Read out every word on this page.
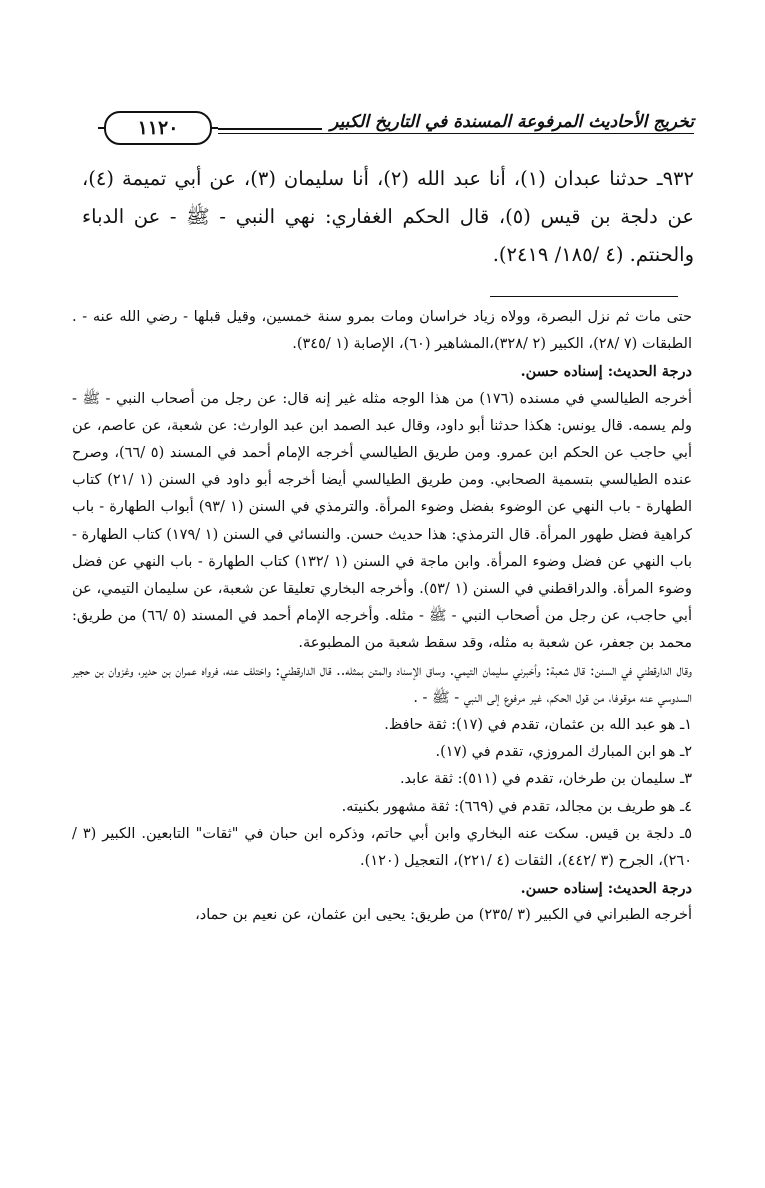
١١٢٠	تخريج الأحاديث المرفوعة المسندة في التاريخ الكبير
٩٣٢ـ حدثنا عبدان (١)، أنا عبد الله (٢)، أنا سليمان (٣)، عن أبي تميمة (٤)، عن دلجة بن قيس (٥)، قال الحكم الغفاري: نهي النبي - ﷺ - عن الدباء والحنتم. (٤ /١٨٥/ ٢٤١٩).

حتى مات ثم نزل البصرة، وولاه زياد خراسان ومات بمرو سنة خمسين، وقيل قبلها - رضي الله عنه - . الطبقات (٧ /٢٨)، الكبير (٢ /٣٢٨)،المشاهير (٦٠)، الإصابة (١ /٣٤٥).

درجة الحديث: إسناده حسن.

أخرجه الطيالسي في مسنده (١٧٦) من هذا الوجه مثله غير إنه قال: عن رجل من أصحاب النبي - ﷺ - ولم يسمه. قال يونس: هكذا حدثنا أبو داود، وقال عبد الصمد ابن عبد الوارث: عن شعبة، عن عاصم، عن أبي حاجب عن الحكم ابن عمرو. ومن طريق الطيالسي أخرجه الإمام أحمد في المسند (٥ /٦٦)، وصرح عنده الطيالسي بتسمية الصحابي. ومن طريق الطيالسي أيضا أخرجه أبو داود في السنن (١ /٢١) كتاب الطهارة - باب النهي عن الوضوء بفضل وضوء المرأة. والترمذي في السنن (١ /٩٣) أبواب الطهارة - باب كراهية فضل طهور المرأة. قال الترمذي: هذا حديث حسن. والنسائي في السنن (١ /١٧٩) كتاب الطهارة - باب النهي عن فضل وضوء المرأة. وابن ماجة في السنن (١ /١٣٢) كتاب الطهارة - باب النهي عن فضل وضوء المرأة. والدراقطني في السنن (١ /٥٣). وأخرجه البخاري تعليقا عن شعبة، عن سليمان التيمي، عن أبي حاجب، عن رجل من أصحاب النبي - ﷺ - مثله. وأخرجه الإمام أحمد في المسند (٥ /٦٦) من طريق: محمد بن جعفر، عن شعبة به مثله، وقد سقط شعبة من المطبوعة.

وقال الدارقطني في السنن: قال شعبة: وأخبرني سليمان التيمي. وساق الإسناد والمتن بمثله.. قال الدارقطني: واختلف عنه، فرواه عمران بن حدير، وغزوان بن حجير السدوسي عنه موقوفا، من قول الحكم، غير مرفوع إلى النبي - ﷺ - .

١ـ هو عبد الله بن عثمان، تقدم في (١٧): ثقة حافظ.

٢ـ هو ابن المبارك المروزي، تقدم في (١٧).

٣ـ سليمان بن طرخان، تقدم في (٥١١): ثقة عابد.

٤ـ هو طريف بن مجالد، تقدم في (٦٦٩): ثقة مشهور بكنيته.

٥ـ دلجة بن قيس. سكت عنه البخاري وابن أبي حاتم، وذكره ابن حبان في "ثقات" التابعين. الكبير (٣ /٢٦٠)، الجرح (٣ /٤٤٢)، الثقات (٤ /٢٢١)، التعجيل (١٢٠).

درجة الحديث: إسناده حسن.

أخرجه الطبراني في الكبير (٣ /٢٣٥) من طريق: يحيى ابن عثمان، عن نعيم بن حماد،
